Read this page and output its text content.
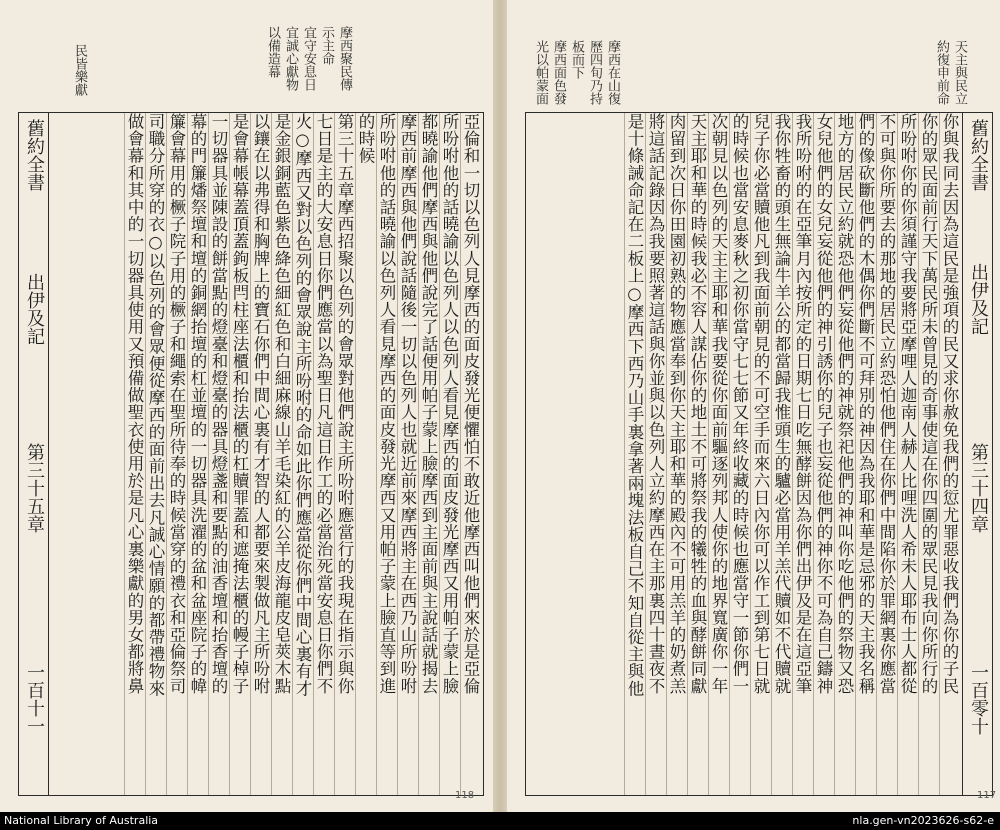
民皆樂獻	以備造幕 宜誠心獻物 宜守安息日 示主命 摩西聚民傳
舊約全書
出伊及記
第三十五章
一百十一
亞倫和一切以色列人見摩西的面皮發光便懼怕不敢近他摩西叫他們來於是亞倫
所吩咐他的話曉諭以色列人以色列人看見摩西的面皮發光摩西又用帕子蒙上臉
都曉諭他們摩西與他們說完了話便用帕子蒙上臉摩西到主面前與主說話就揭去
摩西前摩西與他們說話隨後一切以色列人也就近前來摩西將主在西乃山所吩咐
所吩咐他的話曉諭以色列人看見摩西的面皮發光摩西又用帕子蒙上臉直等到進
的時候
第三十五章摩西招聚以色列的會眾對他們說主所吩咐應當行的我現在指示與你
七日是主的大安息日你們應當以為聖日凡這日作工的必當治死當安息日你們不
火○摩西又對以色列的會眾說主所吩咐的命如此你們應當從你們中間心裏有才
是金銀銅藍色紫色絳色細紅色和白細麻線山羊毛染紅的公羊皮海龍皮皂莢木點
以鑲在以弗得和胸牌上的寶石你們中間心裏有才智的人都要來製做凡主所吩咐
是會幕帳幕蓋頂蓋鉤板閂柱座法櫃和抬法櫃的杠贖罪蓋和遮掩法櫃的幔子棹子
一切器具並陳設的餅當點的燈臺和燈臺的器具燈盞和要點的油香壇和抬香壇的
幕的門簾燔祭壇和壇的銅網抬壇的杠並壇的一切器具洗濯的盆和盆座院子的幃
簾會幕用的橛子院子用的橛子和繩索在聖所待奉的時候當穿的禮衣和亞倫祭司
司職分所穿的衣○以色列的會眾便從摩西的面前出去凡誠心情願的都帶禮物來
做會幕和其中的一切器具使用又預備做聖衣使用於是凡心裏樂獻的男女都將鼻
118
天主與民立
約復申前命
摩西在山復
歷四旬乃持
板而下
摩西面色發
光以帕蒙面
舊約全書
出伊及記
第三十四章
一百零十
你與我同去因為這民是強項的民又求你赦免我們的愆尤罪惡收我們為你的子民
你的眾民面前行天下萬民所未曾見的奇事使這在你四圍的眾民見我向你所行的
所吩咐你的你須謹守我要將亞摩哩人迦南人赫人比哩洗人希未人耶布士人都從
不可與你所要去的那地的居民立約恐怕他們住在你們中間陷你於罪網裏你應當
們的像砍斷他們的木偶你們斷不可拜別的神因為我耶和華是忌邪的天主我名稱
地方的居民立約就恐他們妄從他們的神就祭祀他們的神叫你吃他們的祭物又恐
女兒他們的女兒妄從他們的神引誘你的兒子也妄從他們的神你不可為自己鑄神
我所吩咐的在亞筆月內按所定的日期七日吃無酵餅因為你們出伊及是在這亞筆
我你牲畜的頭生無論牛羊公的都當歸我惟頭生的驢必當用羊羔代贖如不代贖就
兒子你必當贖他凡到我面前朝見的不可空手而來六日內你可以作工到第七日就
的時候也當安息麥秋之初你當守七七節又年終收藏的時候也應當守一節你們一
次朝見以色列的天主主耶和華我要從你面前驅逐列邦人使你的地界寬廣你一年
天主耶和華的時候我必不容人謀佔你的地土不可將祭我的犧牲的血與酵餅同獻
肉留到次日你田園初熟的物應當奉到你天主耶和華的殿內不可用羔羊的奶煮羔
將這話記錄因為我要照著這話與你並與以色列人立約摩西在主那裏四十晝夜不
是十條誡命記在二板上○摩西下西乃山手裏拿著兩塊法板自己不知自從主與他
117
National Library of Australia	nla.gen-vn2023626-s62-e
